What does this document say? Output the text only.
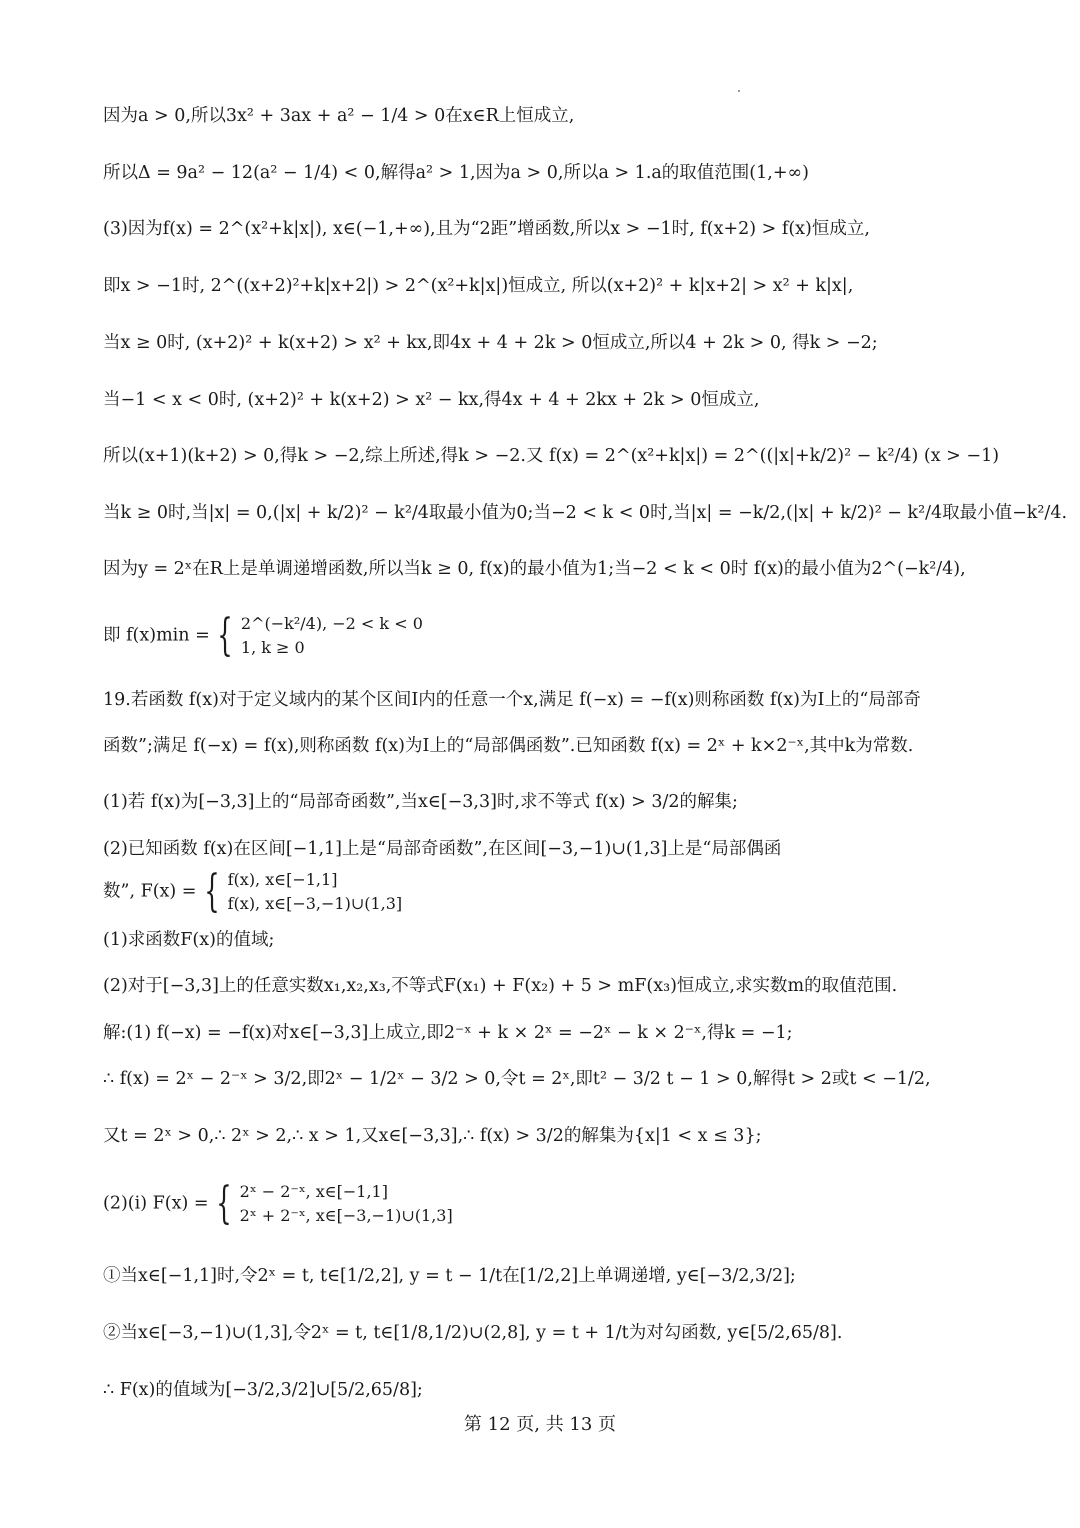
因为a > 0,所以3x² + 3ax + a² − 1/4 > 0在x∈R上恒成立,
所以Δ = 9a² − 12(a² − 1/4) < 0,解得a² > 1,因为a > 0,所以a > 1.a的取值范围(1,+∞)
(3)因为f(x) = 2^(x²+k|x|), x∈(−1,+∞),且为“2距”增函数,所以x > −1时, f(x+2) > f(x)恒成立,
即x > −1时, 2^((x+2)²+k|x+2|) > 2^(x²+k|x|)恒成立, 所以(x+2)² + k|x+2| > x² + k|x|,
当x ≥ 0时, (x+2)² + k(x+2) > x² + kx,即4x + 4 + 2k > 0恒成立,所以4 + 2k > 0, 得k > −2;
当−1 < x < 0时, (x+2)² + k(x+2) > x² − kx,得4x + 4 + 2kx + 2k > 0恒成立,
所以(x+1)(k+2) > 0,得k > −2,综上所述,得k > −2.又 f(x) = 2^(x²+k|x|) = 2^((|x|+k/2)² − k²/4) (x > −1)
当k ≥ 0时,当|x| = 0,(|x| + k/2)² − k²/4取最小值为0;当−2 < k < 0时,当|x| = −k/2,(|x| + k/2)² − k²/4取最小值−k²/4.
因为y = 2ˣ在R上是单调递增函数,所以当k ≥ 0, f(x)的最小值为1;当−2 < k < 0时 f(x)的最小值为2^(−k²/4),
即 f(x)min = { 2^(−k²/4), −2 < k < 0
1, k ≥ 0
19.若函数 f(x)对于定义域内的某个区间I内的任意一个x,满足 f(−x) = −f(x)则称函数 f(x)为I上的“局部奇
函数”;满足 f(−x) = f(x),则称函数 f(x)为I上的“局部偶函数”.已知函数 f(x) = 2ˣ + k×2⁻ˣ,其中k为常数.
(1)若 f(x)为[−3,3]上的“局部奇函数”,当x∈[−3,3]时,求不等式 f(x) > 3/2的解集;
(2)已知函数 f(x)在区间[−1,1]上是“局部奇函数”,在区间[−3,−1)∪(1,3]上是“局部偶函
数”, F(x) = { f(x), x∈[−1,1]
f(x), x∈[−3,−1)∪(1,3]
(1)求函数F(x)的值域;
(2)对于[−3,3]上的任意实数x₁,x₂,x₃,不等式F(x₁) + F(x₂) + 5 > mF(x₃)恒成立,求实数m的取值范围.
解:(1) f(−x) = −f(x)对x∈[−3,3]上成立,即2⁻ˣ + k × 2ˣ = −2ˣ − k × 2⁻ˣ,得k = −1;
∴ f(x) = 2ˣ − 2⁻ˣ > 3/2,即2ˣ − 1/2ˣ − 3/2 > 0,令t = 2ˣ,即t² − 3/2 t − 1 > 0,解得t > 2或t < −1/2,
又t = 2ˣ > 0,∴ 2ˣ > 2,∴ x > 1,又x∈[−3,3],∴ f(x) > 3/2的解集为{x|1 < x ≤ 3};
(2)(i) F(x) = { 2ˣ − 2⁻ˣ, x∈[−1,1]
2ˣ + 2⁻ˣ, x∈[−3,−1)∪(1,3]
①当x∈[−1,1]时,令2ˣ = t, t∈[1/2,2], y = t − 1/t在[1/2,2]上单调递增, y∈[−3/2,3/2];
②当x∈[−3,−1)∪(1,3],令2ˣ = t, t∈[1/8,1/2)∪(2,8], y = t + 1/t为对勾函数, y∈[5/2,65/8].
∴ F(x)的值域为[−3/2,3/2]∪[5/2,65/8];
第 12 页, 共 13 页
